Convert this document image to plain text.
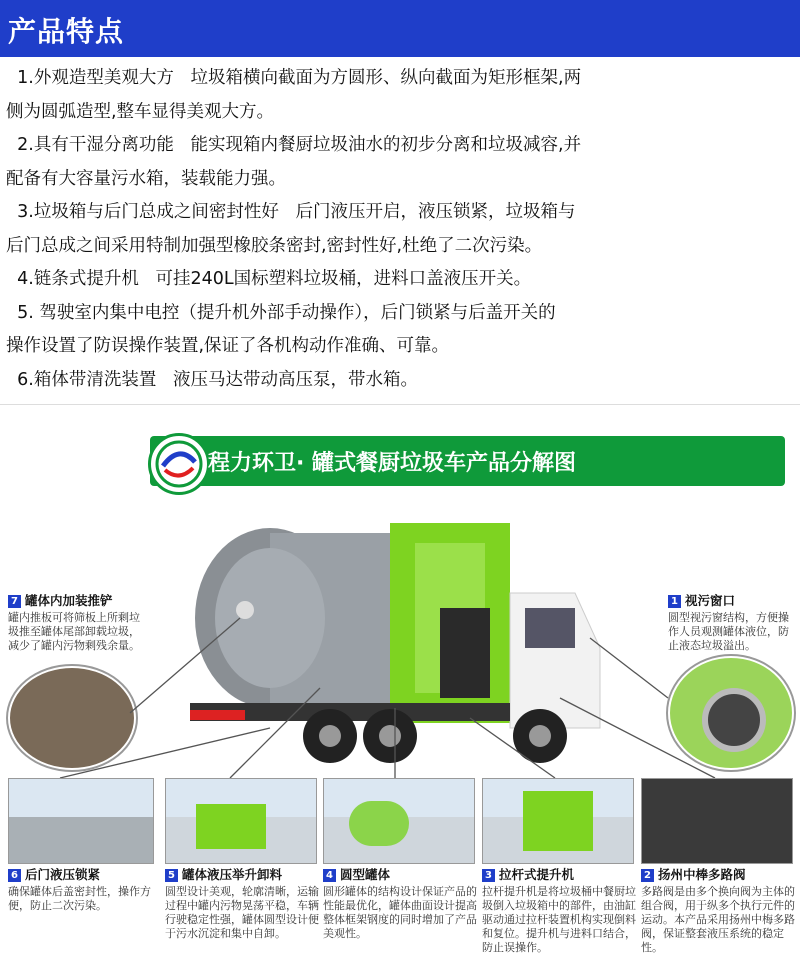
产品特点

1.外观造型美观大方   垃圾箱横向截面为方圆形、纵向截面为矩形框架,两

侧为圆弧造型,整车显得美观大方。

2.具有干湿分离功能   能实现箱内餐厨垃圾油水的初步分离和垃圾减容,并

配备有大容量污水箱，装载能力强。

3.垃圾箱与后门总成之间密封性好   后门液压开启，液压锁紧，垃圾箱与

后门总成之间采用特制加强型橡胶条密封,密封性好,杜绝了二次污染。

4.链条式提升机   可挂240L国标塑料垃圾桶，进料口盖液压开关。

5. 驾驶室内集中电控（提升机外部手动操作），后门锁紧与后盖开关的

操作设置了防误操作装置,保证了各机构动作准确、可靠。

6.箱体带清洗装置   液压马达带动高压泵，带水箱。

程力环卫· 罐式餐厨垃圾车产品分解图
7 罐体内加装推铲
罐内推板可将筛板上所剩垃
圾推至罐体尾部卸载垃圾，
减少了罐内污物剩残余量。
1 视污窗口
圆型视污窗结构，方便操
作人员观测罐体液位，防
止液态垃圾溢出。
6 后门液压锁紧
确保罐体后盖密封性，操作方
便，防止二次污染。
5 罐体液压举升卸料
圆型设计美观，轮廓清晰，运输
过程中罐内污物晃荡平稳，车辆
行驶稳定性强，罐体圆型设计便
于污水沉淀和集中自卸。
4 圆型罐体
圆形罐体的结构设计保证产品的
性能最优化，罐体曲面设计提高
整体框架钢度的同时增加了产品
美观性。
3 拉杆式提升机
拉杆提升机是将垃圾桶中餐厨垃
圾倒入垃圾箱中的部件，由油缸
驱动通过拉杆装置机构实现倒料
和复位。提升机与进料口结合，
防止误操作。
2 扬州中棒多路阀
多路阀是由多个换向阀为主体的
组合阀，用于纵多个执行元件的
运动。本产品采用扬州中梅多路
阀，保证整套液压系统的稳定性。
